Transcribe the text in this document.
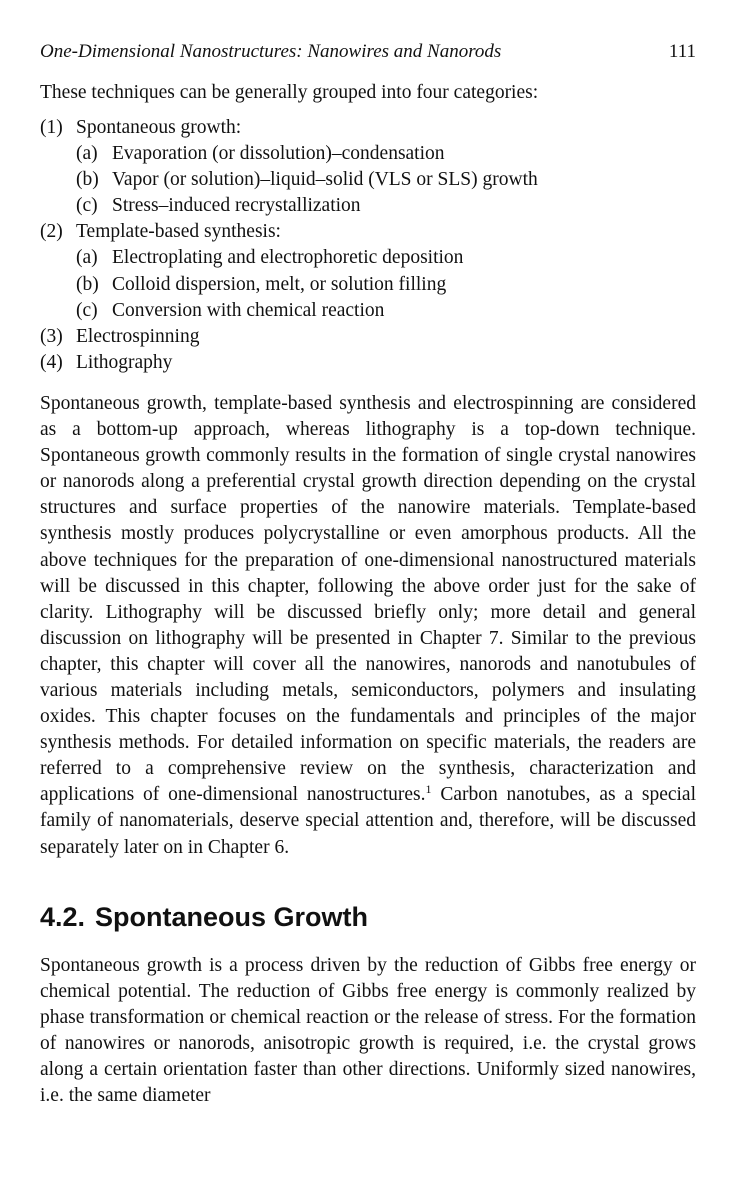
One-Dimensional Nanostructures: Nanowires and Nanorods	111

These techniques can be generally grouped into four categories:

(1) Spontaneous growth:
(a) Evaporation (or dissolution)–condensation
(b) Vapor (or solution)–liquid–solid (VLS or SLS) growth
(c) Stress–induced recrystallization
(2) Template-based synthesis:
(a) Electroplating and electrophoretic deposition
(b) Colloid dispersion, melt, or solution filling
(c) Conversion with chemical reaction
(3) Electrospinning
(4) Lithography

Spontaneous growth, template-based synthesis and electrospinning are considered as a bottom-up approach, whereas lithography is a top-down technique. Spontaneous growth commonly results in the formation of single crystal nanowires or nanorods along a preferential crystal growth direction depending on the crystal structures and surface properties of the nanowire materials. Template-based synthesis mostly produces polycrystalline or even amorphous products. All the above techniques for the preparation of one-dimensional nanostructured materials will be discussed in this chapter, following the above order just for the sake of clarity. Lithography will be discussed briefly only; more detail and general discussion on lithography will be presented in Chapter 7. Similar to the previous chapter, this chapter will cover all the nanowires, nanorods and nanotubules of various materials including metals, semiconductors, polymers and insulating oxides. This chapter focuses on the fundamentals and principles of the major synthesis methods. For detailed information on specific materials, the readers are referred to a comprehensive review on the synthesis, characterization and applications of one-dimensional nanostructures.$^1$ Carbon nanotubes, as a special family of nanomaterials, deserve special attention and, therefore, will be discussed separately later on in Chapter 6.

4.2. Spontaneous Growth

Spontaneous growth is a process driven by the reduction of Gibbs free energy or chemical potential. The reduction of Gibbs free energy is commonly realized by phase transformation or chemical reaction or the release of stress. For the formation of nanowires or nanorods, anisotropic growth is required, i.e. the crystal grows along a certain orientation faster than other directions. Uniformly sized nanowires, i.e. the same diameter
